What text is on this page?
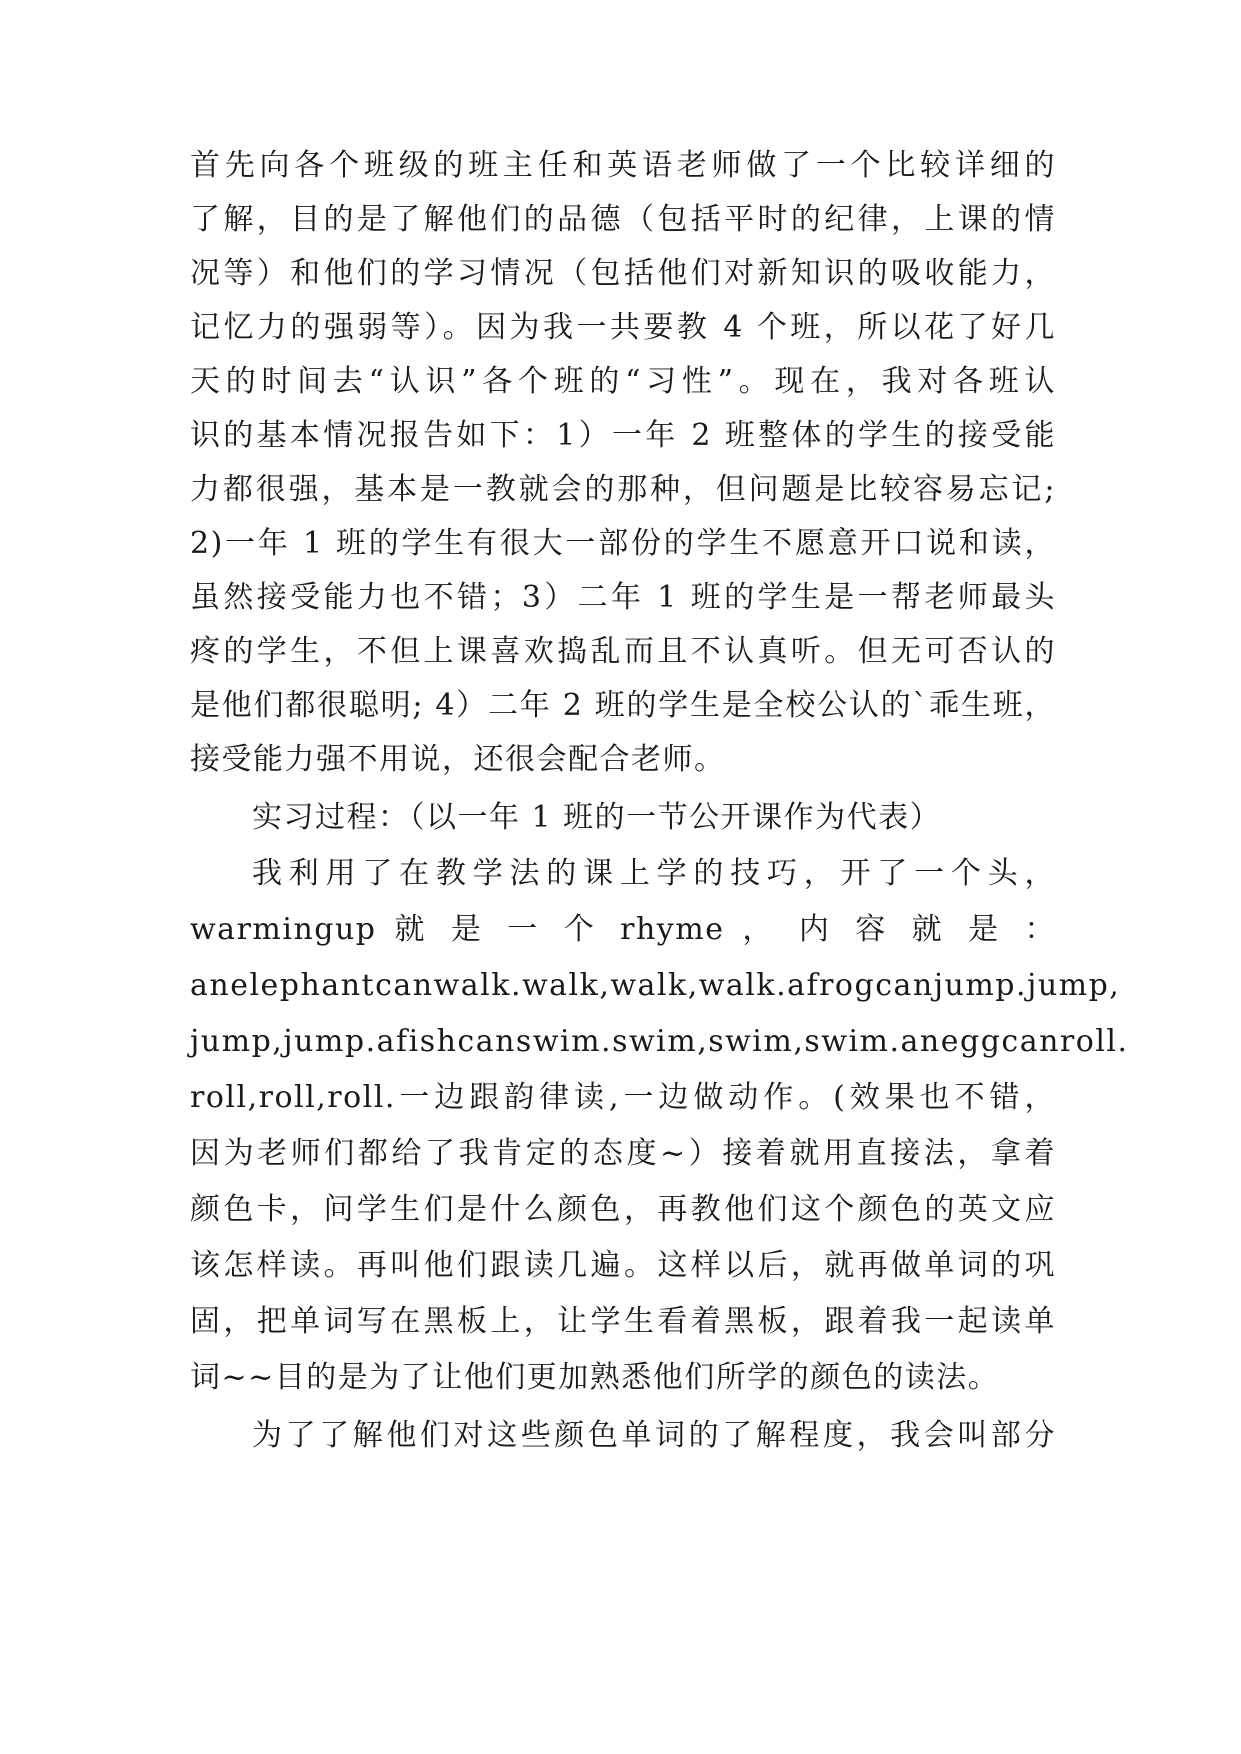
首先向各个班级的班主任和英语老师做了一个比较详细的
了解，目的是了解他们的品德（包括平时的纪律，上课的情
况等）和他们的学习情况（包括他们对新知识的吸收能力，
记忆力的强弱等）。因为我一共要教 4 个班，所以花了好几
天的时间去“认识”各个班的“习性”。现在，我对各班认
识的基本情况报告如下：1）一年 2 班整体的学生的接受能
力都很强，基本是一教就会的那种，但问题是比较容易忘记;
2)一年 1 班的学生有很大一部份的学生不愿意开口说和读，
虽然接受能力也不错；3）二年 1 班的学生是一帮老师最头
疼的学生，不但上课喜欢捣乱而且不认真听。但无可否认的
是他们都很聪明; 4）二年 2 班的学生是全校公认的`乖生班，
接受能力强不用说，还很会配合老师。
实习过程：（以一年 1 班的一节公开课作为代表）
我利用了在教学法的课上学的技巧，开了一个头，
warmingup 就 是 一 个 rhyme ， 内 容 就 是 ：
anelephantcanwalk.walk,walk,walk.afrogcanjump.jump,
jump,jump.afishcanswim.swim,swim,swim.aneggcanroll.
roll,roll,roll.一边跟韵律读,一边做动作。(效果也不错，
因为老师们都给了我肯定的态度~）接着就用直接法，拿着
颜色卡，问学生们是什么颜色，再教他们这个颜色的英文应
该怎样读。再叫他们跟读几遍。这样以后，就再做单词的巩
固，把单词写在黑板上，让学生看着黑板，跟着我一起读单
词~~目的是为了让他们更加熟悉他们所学的颜色的读法。
为了了解他们对这些颜色单词的了解程度，我会叫部分
